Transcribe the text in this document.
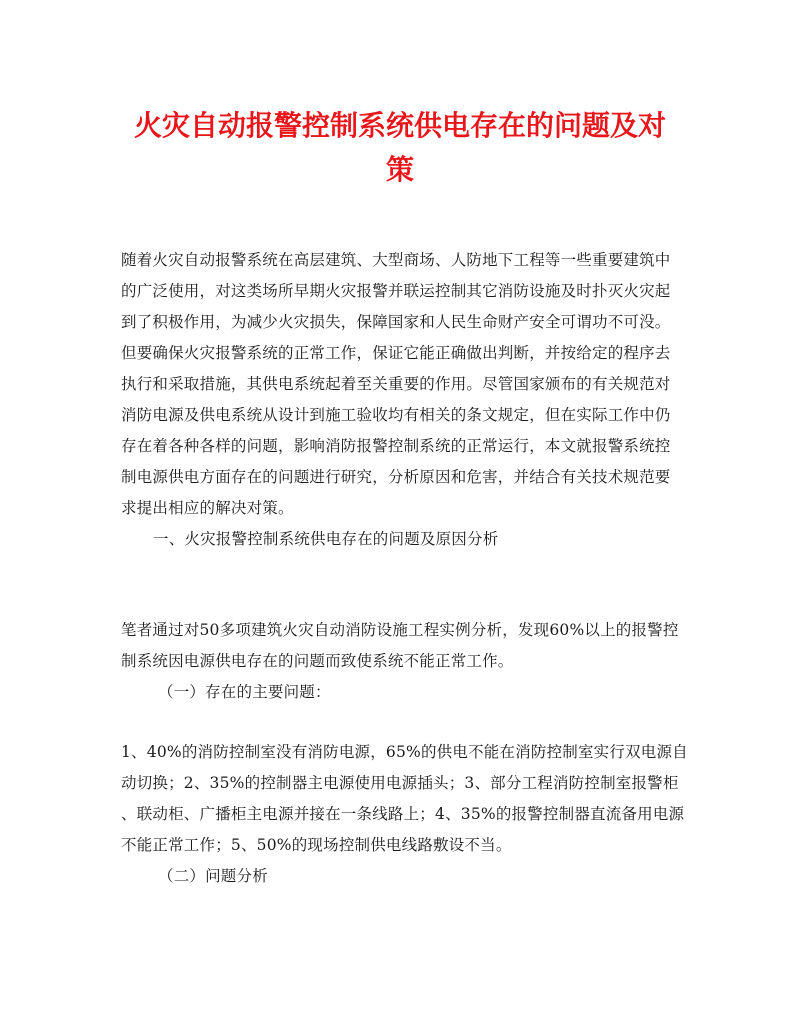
火灾自动报警控制系统供电存在的问题及对
策
随着火灾自动报警系统在高层建筑、大型商场、人防地下工程等一些重要建筑中
的广泛使用，对这类场所早期火灾报警并联运控制其它消防设施及时扑灭火灾起
到了积极作用，为减少火灾损失，保障国家和人民生命财产安全可谓功不可没。
但要确保火灾报警系统的正常工作，保证它能正确做出判断，并按给定的程序去
执行和采取措施，其供电系统起着至关重要的作用。尽管国家颁布的有关规范对
消防电源及供电系统从设计到施工验收均有相关的条文规定，但在实际工作中仍
存在着各种各样的问题，影响消防报警控制系统的正常运行，本文就报警系统控
制电源供电方面存在的问题进行研究，分析原因和危害，并结合有关技术规范要
求提出相应的解决对策。
一、火灾报警控制系统供电存在的问题及原因分析
笔者通过对50多项建筑火灾自动消防设施工程实例分析，发现60%以上的报警控
制系统因电源供电存在的问题而致使系统不能正常工作。
（一）存在的主要问题：
1、40%的消防控制室没有消防电源，65%的供电不能在消防控制室实行双电源自
动切换；2、35%的控制器主电源使用电源插头；3、部分工程消防控制室报警柜
、联动柜、广播柜主电源并接在一条线路上；4、35%的报警控制器直流备用电源
不能正常工作；5、50%的现场控制供电线路敷设不当。
（二）问题分析
